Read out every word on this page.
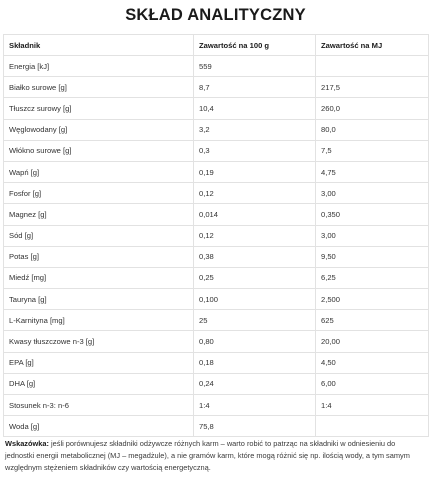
SKŁAD ANALITYCZNY
Składnik	Zawartość na 100 g	Zawartość na MJ
Energia [kJ]	559	
Białko surowe [g]	8,7	217,5
Tłuszcz surowy [g]	10,4	260,0
Węglowodany [g]	3,2	80,0
Włókno surowe [g]	0,3	7,5
Wapń [g]	0,19	4,75
Fosfor [g]	0,12	3,00
Magnez [g]	0,014	0,350
Sód [g]	0,12	3,00
Potas [g]	0,38	9,50
Miedź [mg]	0,25	6,25
Tauryna [g]	0,100	2,500
L-Karnityna [mg]	25	625
Kwasy tłuszczowe n-3 [g]	0,80	20,00
EPA [g]	0,18	4,50
DHA [g]	0,24	6,00
Stosunek n-3: n-6	1:4	1:4
Woda [g]	75,8	

Wskazówka: jeśli porównujesz składniki odżywcze różnych karm – warto robić to patrząc na składniki w odniesieniu do jednostki energii metabolicznej (MJ – megadżule), a nie gramów karm, które mogą różnić się np. ilością wody, a tym samym względnym stężeniem składników czy wartością energetyczną.
